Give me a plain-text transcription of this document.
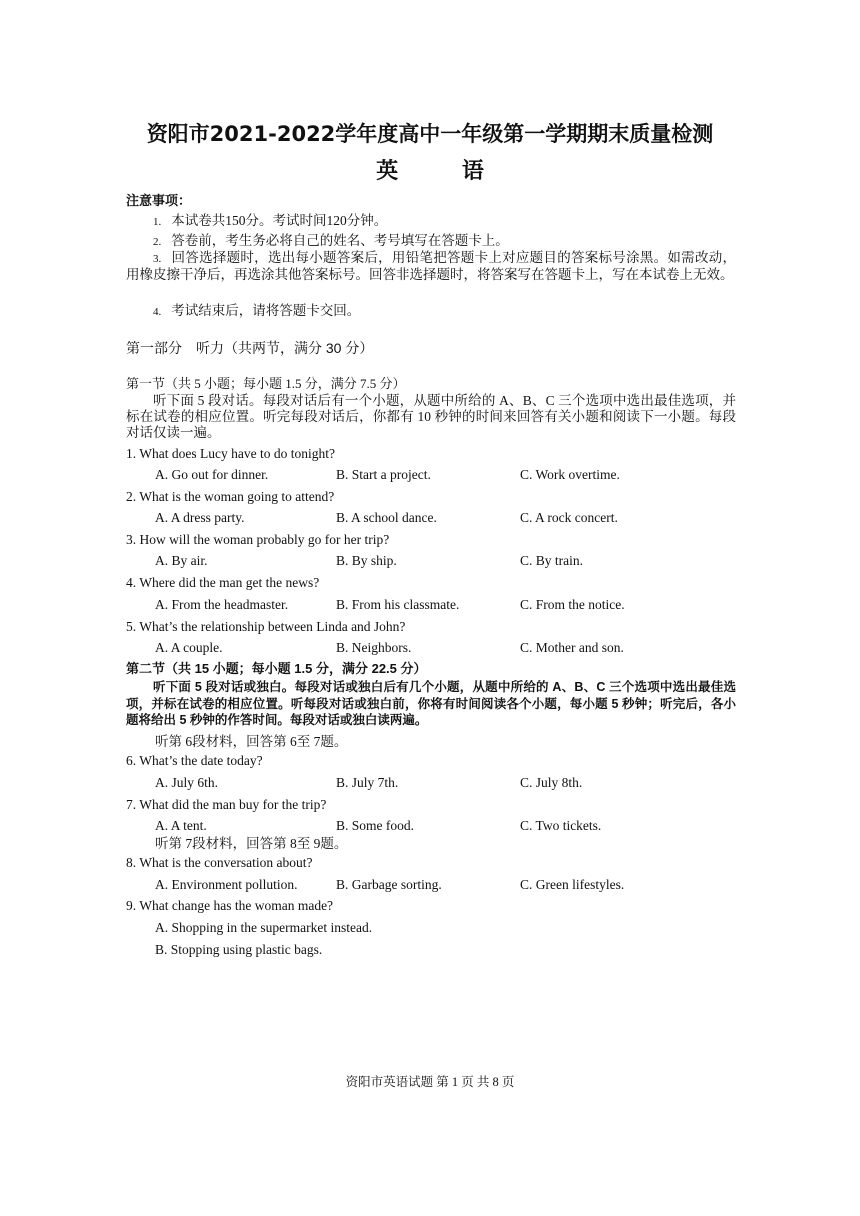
资阳市2021-2022学年度高中一年级第一学期期末质量检测
英 语
注意事项：
1. 本试卷共150分。考试时间120分钟。
2. 答卷前，考生务必将自己的姓名、考号填写在答题卡上。
3. 回答选择题时，选出每小题答案后，用铅笔把答题卡上对应题目的答案标号涂黑。如需改动，用橡皮擦干净后，再选涂其他答案标号。回答非选择题时，将答案写在答题卡上，写在本试卷上无效。
4. 考试结束后，请将答题卡交回。
第一部分　听力（共两节，满分 30 分）
第一节（共 5 小题；每小题 1.5 分，满分 7.5 分）
听下面 5 段对话。每段对话后有一个小题，从题中所给的 A、B、C 三个选项中选出最佳选项，并标在试卷的相应位置。听完每段对话后，你都有 10 秒钟的时间来回答有关小题和阅读下一小题。每段对话仅读一遍。
1. What does Lucy have to do tonight?
A. Go out for dinner.	B. Start a project.	C. Work overtime.
2. What is the woman going to attend?
A. A dress party.	B. A school dance.	C. A rock concert.
3. How will the woman probably go for her trip?
A. By air.	B. By ship.	C. By train.
4. Where did the man get the news?
A. From the headmaster.	B. From his classmate.	C. From the notice.
5. What’s the relationship between Linda and John?
A. A couple.	B. Neighbors.	C. Mother and son.
第二节（共 15 小题；每小题 1.5 分，满分 22.5 分）
听下面 5 段对话或独白。每段对话或独白后有几个小题，从题中所给的 A、B、C 三个选项中选出最佳选项，并标在试卷的相应位置。听每段对话或独白前，你将有时间阅读各个小题，每小题 5 秒钟；听完后，各小题将给出 5 秒钟的作答时间。每段对话或独白读两遍。
听第 6段材料，回答第 6至 7题。
6. What’s the date today?
A. July 6th.	B. July 7th.	C. July 8th.
7. What did the man buy for the trip?
A. A tent.	B. Some food.	C. Two tickets.
听第 7段材料，回答第 8至 9题。
8. What is the conversation about?
A. Environment pollution.	B. Garbage sorting.	C. Green lifestyles.
9. What change has the woman made?
A. Shopping in the supermarket instead.
B. Stopping using plastic bags.
资阳市英语试题 第 1 页 共 8 页
